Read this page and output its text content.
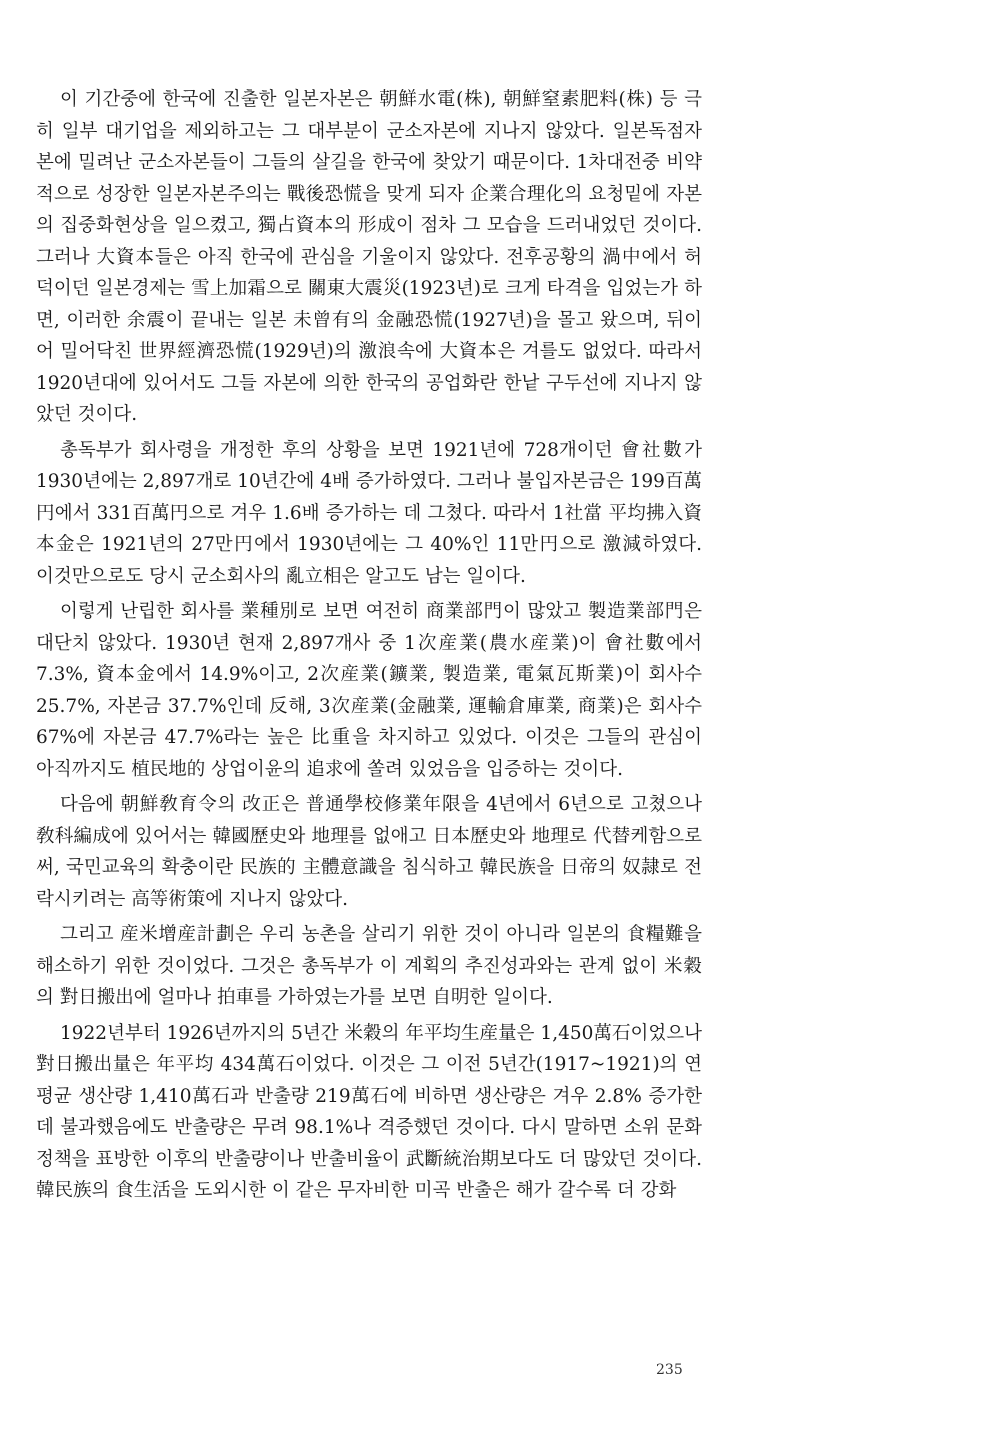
이 기간중에 한국에 진출한 일본자본은 朝鮮水電(株), 朝鮮窒素肥料(株) 등 극히 일부 대기업을 제외하고는 그 대부분이 군소자본에 지나지 않았다. 일본독점자본에 밀려난 군소자본들이 그들의 살길을 한국에 찾았기 때문이다. 1차대전중 비약적으로 성장한 일본자본주의는 戰後恐慌을 맞게 되자 企業合理化의 요청밑에 자본의 집중화현상을 일으켰고, 獨占資本의 形成이 점차 그 모습을 드러내었던 것이다. 그러나 大資本들은 아직 한국에 관심을 기울이지 않았다. 전후공황의 渦中에서 허덕이던 일본경제는 雪上加霜으로 關東大震災(1923년)로 크게 타격을 입었는가 하면, 이러한 余震이 끝내는 일본 未曾有의 金融恐慌(1927년)을 몰고 왔으며, 뒤이어 밀어닥친 世界經濟恐慌(1929년)의 激浪속에 大資本은 겨를도 없었다. 따라서 1920년대에 있어서도 그들 자본에 의한 한국의 공업화란 한낱 구두선에 지나지 않았던 것이다.

총독부가 회사령을 개정한 후의 상황을 보면 1921년에 728개이던 會社數가 1930년에는 2,897개로 10년간에 4배 증가하였다. 그러나 불입자본금은 199百萬円에서 331百萬円으로 겨우 1.6배 증가하는 데 그쳤다. 따라서 1社當 平均拂入資本金은 1921년의 27만円에서 1930년에는 그 40%인 11만円으로 激減하였다. 이것만으로도 당시 군소회사의 亂立相은 알고도 남는 일이다.

이렇게 난립한 회사를 業種別로 보면 여전히 商業部門이 많았고 製造業部門은 대단치 않았다. 1930년 현재 2,897개사 중 1次産業(農水産業)이 會社數에서 7.3%, 資本金에서 14.9%이고, 2次産業(鑛業, 製造業, 電氣瓦斯業)이 회사수 25.7%, 자본금 37.7%인데 反해, 3次産業(金融業, 運輸倉庫業, 商業)은 회사수 67%에 자본금 47.7%라는 높은 比重을 차지하고 있었다. 이것은 그들의 관심이 아직까지도 植民地的 상업이윤의 追求에 쏠려 있었음을 입증하는 것이다.

다음에 朝鮮敎育令의 改正은 普通學校修業年限을 4년에서 6년으로 고쳤으나 敎科編成에 있어서는 韓國歷史와 地理를 없애고 日本歷史와 地理로 代替케함으로써, 국민교육의 확충이란 民族的 主體意識을 침식하고 韓民族을 日帝의 奴隷로 전락시키려는 高等術策에 지나지 않았다.

그리고 産米增産計劃은 우리 농촌을 살리기 위한 것이 아니라 일본의 食糧難을 해소하기 위한 것이었다. 그것은 총독부가 이 계획의 추진성과와는 관계 없이 米穀의 對日搬出에 얼마나 拍車를 가하였는가를 보면 自明한 일이다.

1922년부터 1926년까지의 5년간 米穀의 年平均生産量은 1,450萬石이었으나 對日搬出量은 年平均 434萬石이었다. 이것은 그 이전 5년간(1917~1921)의 연평균 생산량 1,410萬石과 반출량 219萬石에 비하면 생산량은 겨우 2.8% 증가한데 불과했음에도 반출량은 무려 98.1%나 격증했던 것이다. 다시 말하면 소위 문화정책을 표방한 이후의 반출량이나 반출비율이 武斷統治期보다도 더 많았던 것이다. 韓民族의 食生活을 도외시한 이 같은 무자비한 미곡 반출은 해가 갈수록 더 강화

235
